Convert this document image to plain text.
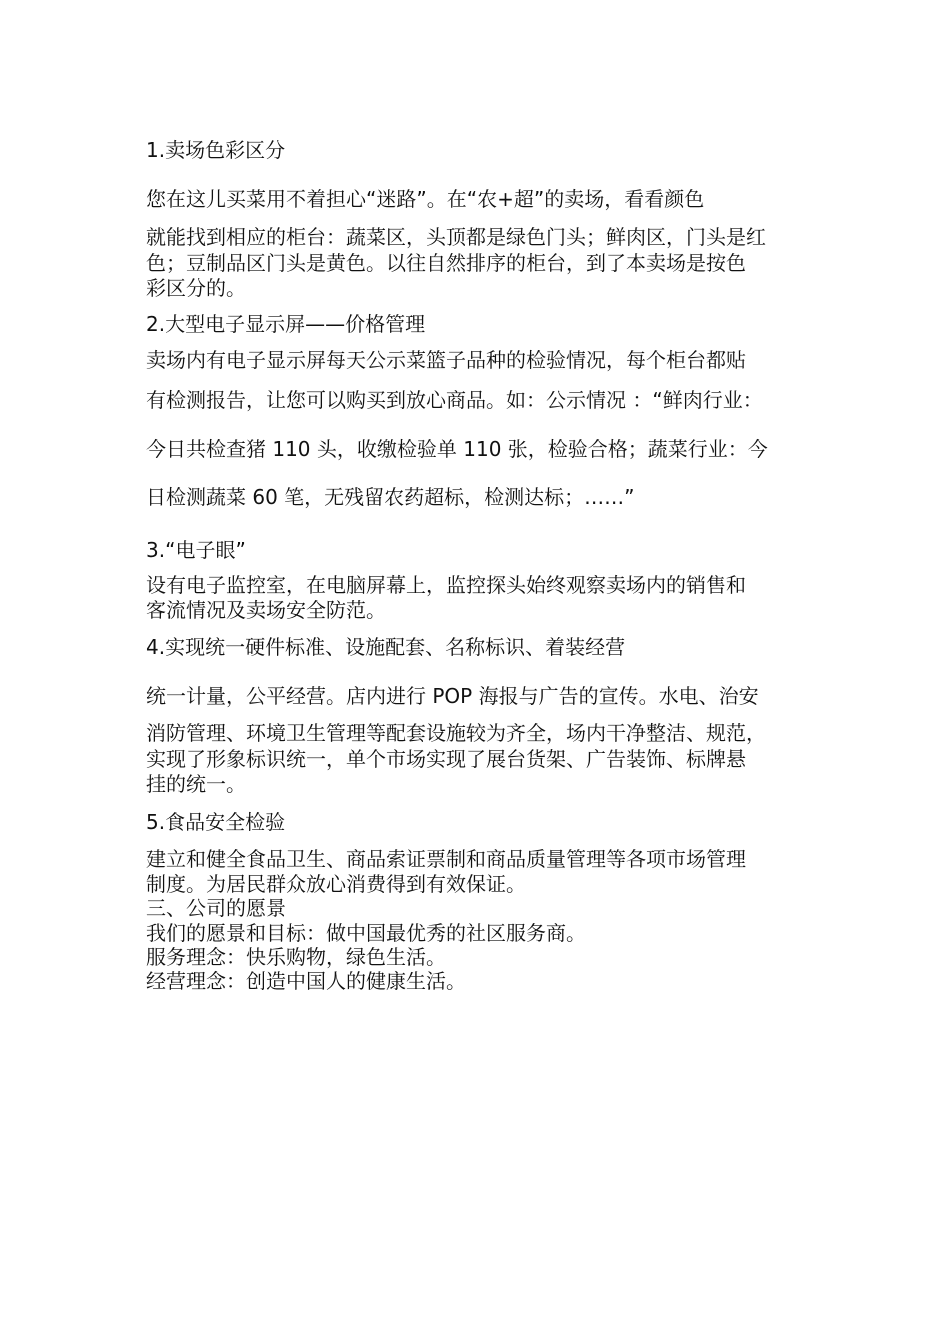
1.卖场色彩区分
您在这儿买菜用不着担心“迷路”。在“农+超”的卖场，看看颜色
就能找到相应的柜台：蔬菜区，头顶都是绿色门头；鲜肉区，门头是红
色；豆制品区门头是黄色。以往自然排序的柜台，到了本卖场是按色
彩区分的。
2.大型电子显示屏——价格管理
卖场内有电子显示屏每天公示菜篮子品种的检验情况，每个柜台都贴
有检测报告，让您可以购买到放心商品。如：公示情况 ：“鲜肉行业：
今日共检查猪 110 头，收缴检验单 110 张，检验合格；蔬菜行业：今
日检测蔬菜 60 笔，无残留农药超标，检测达标；……”
3.“电子眼”
设有电子监控室，在电脑屏幕上，监控探头始终观察卖场内的销售和
客流情况及卖场安全防范。
4.实现统一硬件标准、设施配套、名称标识、着装经营
统一计量，公平经营。店内进行 POP 海报与广告的宣传。水电、治安
消防管理、环境卫生管理等配套设施较为齐全，场内干净整洁、规范，
实现了形象标识统一，单个市场实现了展台货架、广告装饰、标牌悬
挂的统一。
5.食品安全检验
建立和健全食品卫生、商品索证票制和商品质量管理等各项市场管理
制度。为居民群众放心消费得到有效保证。
三、公司的愿景
我们的愿景和目标：做中国最优秀的社区服务商。
服务理念：快乐购物，绿色生活。
经营理念：创造中国人的健康生活。
